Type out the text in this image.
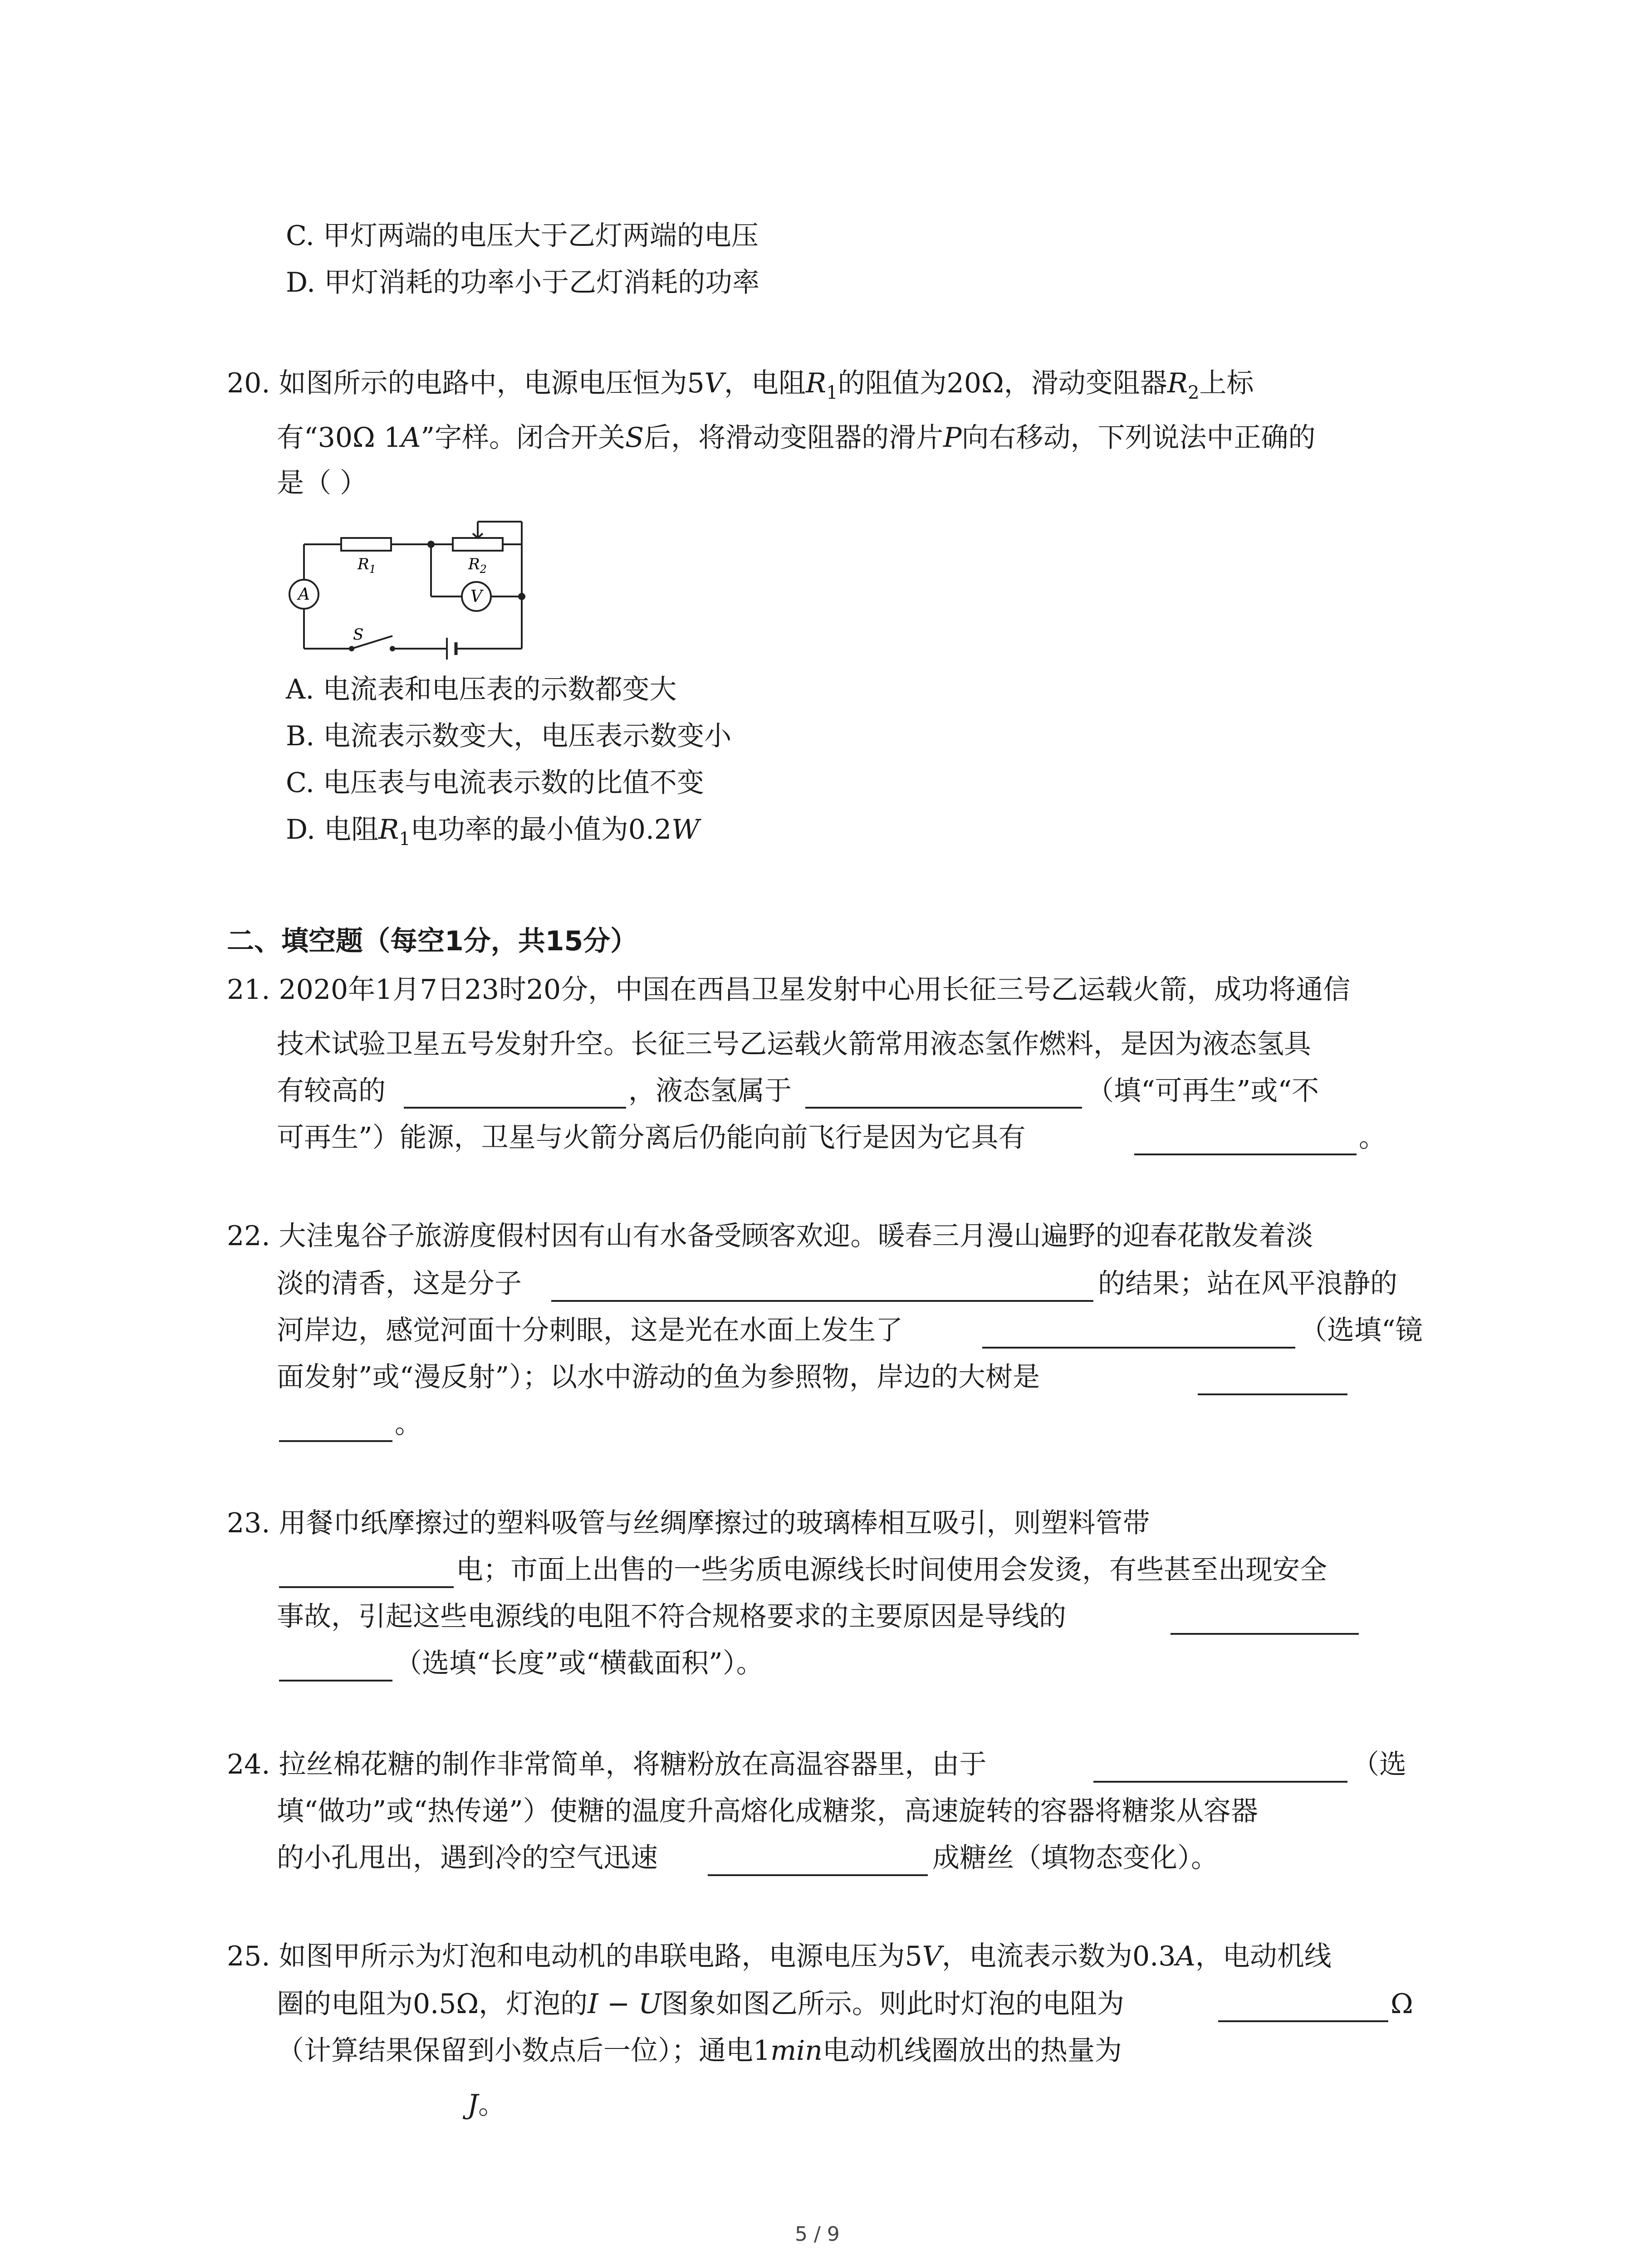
C. 甲灯两端的电压大于乙灯两端的电压
D. 甲灯消耗的功率小于乙灯消耗的功率
20. 如图所示的电路中，电源电压恒为5V，电阻$R_1$的阻值为20Ω，滑动变阻器$R_2$上标
有“30Ω 1A”字样。闭合开关S后，将滑动变阻器的滑片P向右移动，下列说法中正确的
是（ ）
A	V
$R_1$	$R_2$
S
A. 电流表和电压表的示数都变大
B. 电流表示数变大，电压表示数变小
C. 电压表与电流表示数的比值不变
D. 电阻$R_1$电功率的最小值为0.2W
二、填空题（每空1分，共15分）
21. 2020年1月7日23时20分，中国在西昌卫星发射中心用长征三号乙运载火箭，成功将通信
技术试验卫星五号发射升空。长征三号乙运载火箭常用液态氢作燃料，是因为液态氢具
有较高的	，液态氢属于	（填“可再生”或“不
可再生”）能源，卫星与火箭分离后仍能向前飞行是因为它具有	。
22. 大洼鬼谷子旅游度假村因有山有水备受顾客欢迎。暖春三月漫山遍野的迎春花散发着淡
淡的清香，这是分子	的结果；站在风平浪静的
河岸边，感觉河面十分刺眼，这是光在水面上发生了	（选填“镜
面发射”或“漫反射”）；以水中游动的鱼为参照物，岸边的大树是
。
23. 用餐巾纸摩擦过的塑料吸管与丝绸摩擦过的玻璃棒相互吸引，则塑料管带
电；市面上出售的一些劣质电源线长时间使用会发烫，有些甚至出现安全
事故，引起这些电源线的电阻不符合规格要求的主要原因是导线的
（选填“长度”或“横截面积”）。
24. 拉丝棉花糖的制作非常简单，将糖粉放在高温容器里，由于	（选
填“做功”或“热传递”）使糖的温度升高熔化成糖浆，高速旋转的容器将糖浆从容器
的小孔甩出，遇到冷的空气迅速	成糖丝（填物态变化）。
25. 如图甲所示为灯泡和电动机的串联电路，电源电压为5V，电流表示数为0.3A，电动机线
圈的电阻为0.5Ω，灯泡的I − U图象如图乙所示。则此时灯泡的电阻为	Ω
（计算结果保留到小数点后一位）；通电1min电动机线圈放出的热量为
J。
5 / 9
